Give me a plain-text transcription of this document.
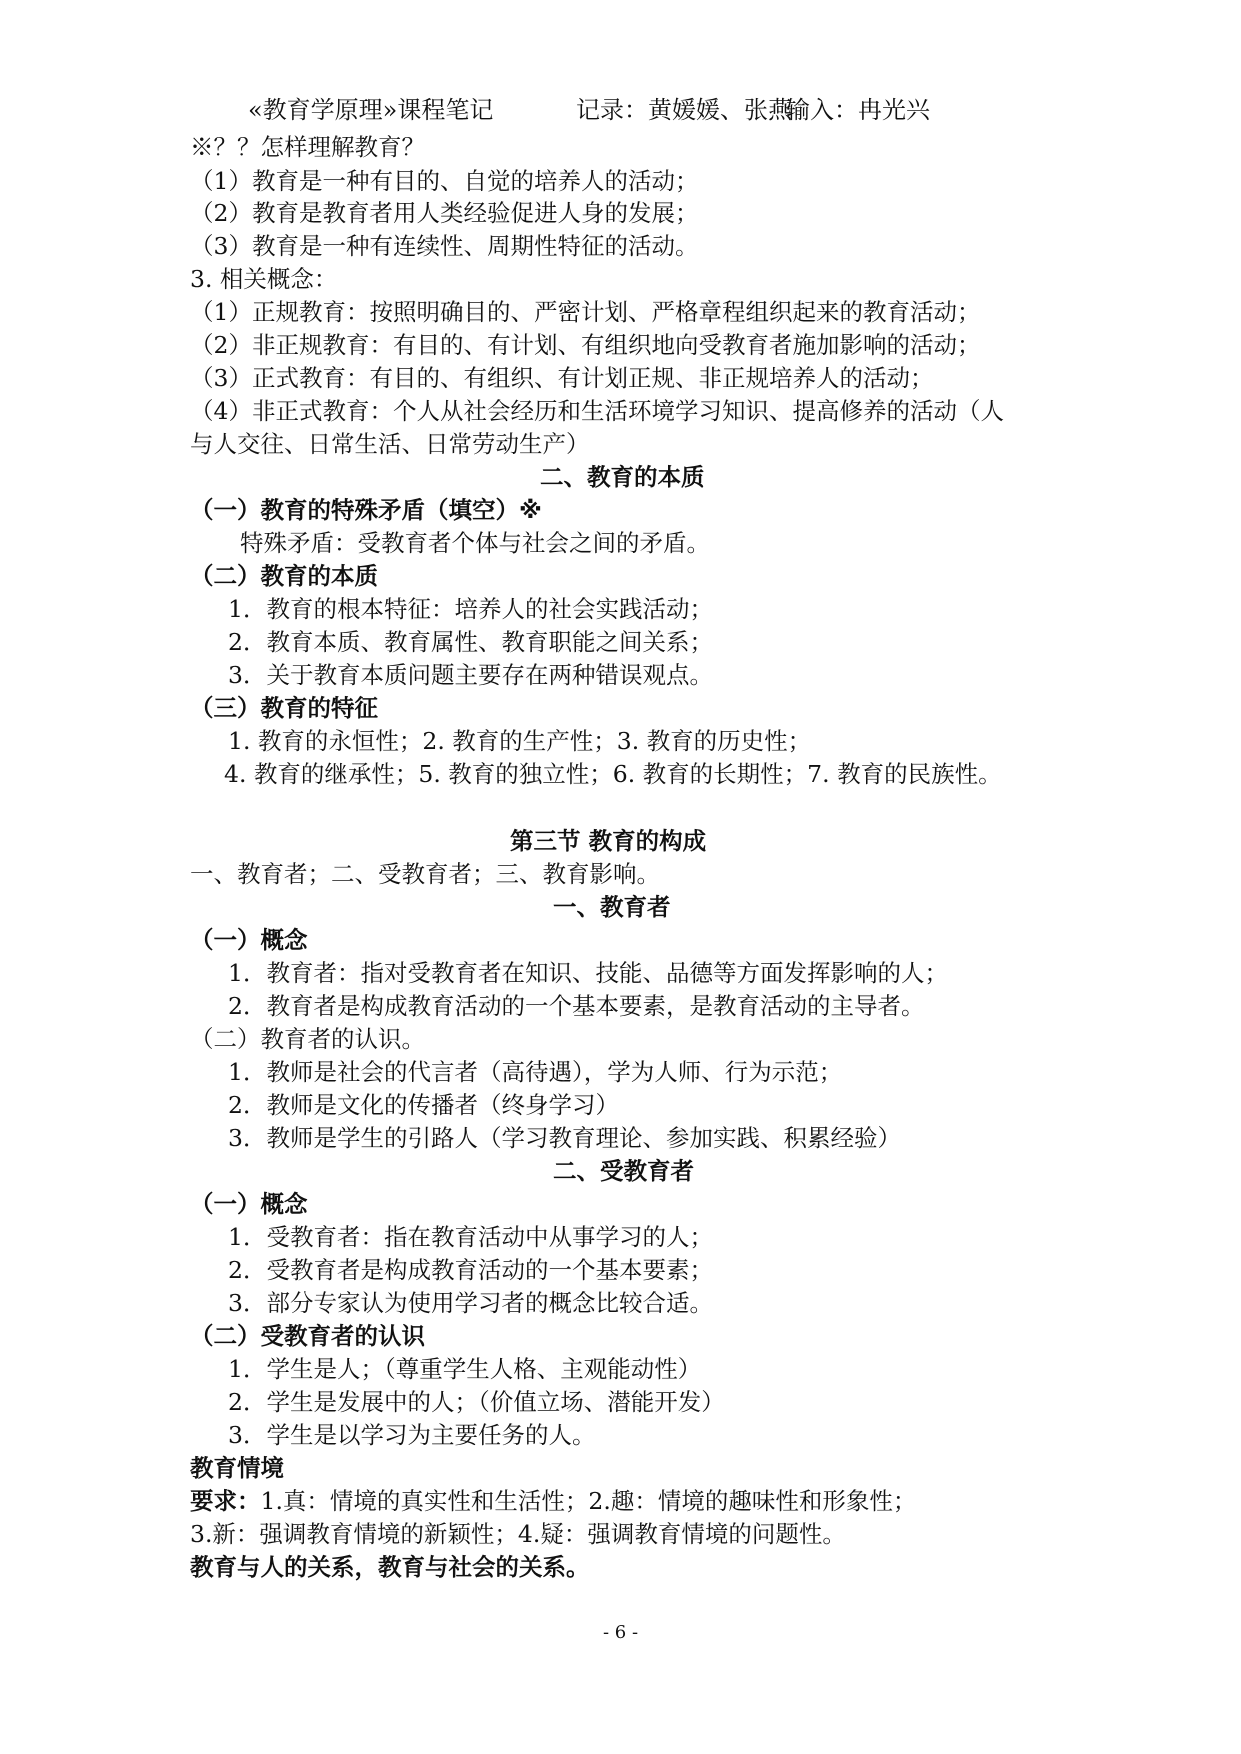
«教育学原理»课程笔记	记录：黄媛媛、张燕
输入：冉光兴
※？？怎样理解教育？
（1）教育是一种有目的、自觉的培养人的活动；
（2）教育是教育者用人类经验促进人身的发展；
（3）教育是一种有连续性、周期性特征的活动。
3. 相关概念：
（1）正规教育：按照明确目的、严密计划、严格章程组织起来的教育活动；
（2）非正规教育：有目的、有计划、有组织地向受教育者施加影响的活动；
（3）正式教育：有目的、有组织、有计划正规、非正规培养人的活动；
（4）非正式教育：个人从社会经历和生活环境学习知识、提高修养的活动（人
与人交往、日常生活、日常劳动生产）
二、教育的本质
（一）教育的特殊矛盾（填空）※
特殊矛盾：受教育者个体与社会之间的矛盾。
（二）教育的本质
1．教育的根本特征：培养人的社会实践活动；
2．教育本质、教育属性、教育职能之间关系；
3．关于教育本质问题主要存在两种错误观点。
（三）教育的特征
1. 教育的永恒性；2. 教育的生产性；3. 教育的历史性；
4. 教育的继承性；5. 教育的独立性；6. 教育的长期性；7. 教育的民族性。
第三节 教育的构成
一、教育者；二、受教育者；三、教育影响。
一、教育者
（一）概念
1．教育者：指对受教育者在知识、技能、品德等方面发挥影响的人；
2．教育者是构成教育活动的一个基本要素，是教育活动的主导者。
（二）教育者的认识。
1．教师是社会的代言者（高待遇），学为人师、行为示范；
2．教师是文化的传播者（终身学习）
3．教师是学生的引路人（学习教育理论、参加实践、积累经验）
二、受教育者
（一）概念
1．受教育者：指在教育活动中从事学习的人；
2．受教育者是构成教育活动的一个基本要素；
3．部分专家认为使用学习者的概念比较合适。
（二）受教育者的认识
1．学生是人；（尊重学生人格、主观能动性）
2．学生是发展中的人；（价值立场、潜能开发）
3．学生是以学习为主要任务的人。
教育情境
要求：1.真：情境的真实性和生活性；2.趣：情境的趣味性和形象性；
3.新：强调教育情境的新颖性；4.疑：强调教育情境的问题性。
教育与人的关系，教育与社会的关系。
- 6 -
